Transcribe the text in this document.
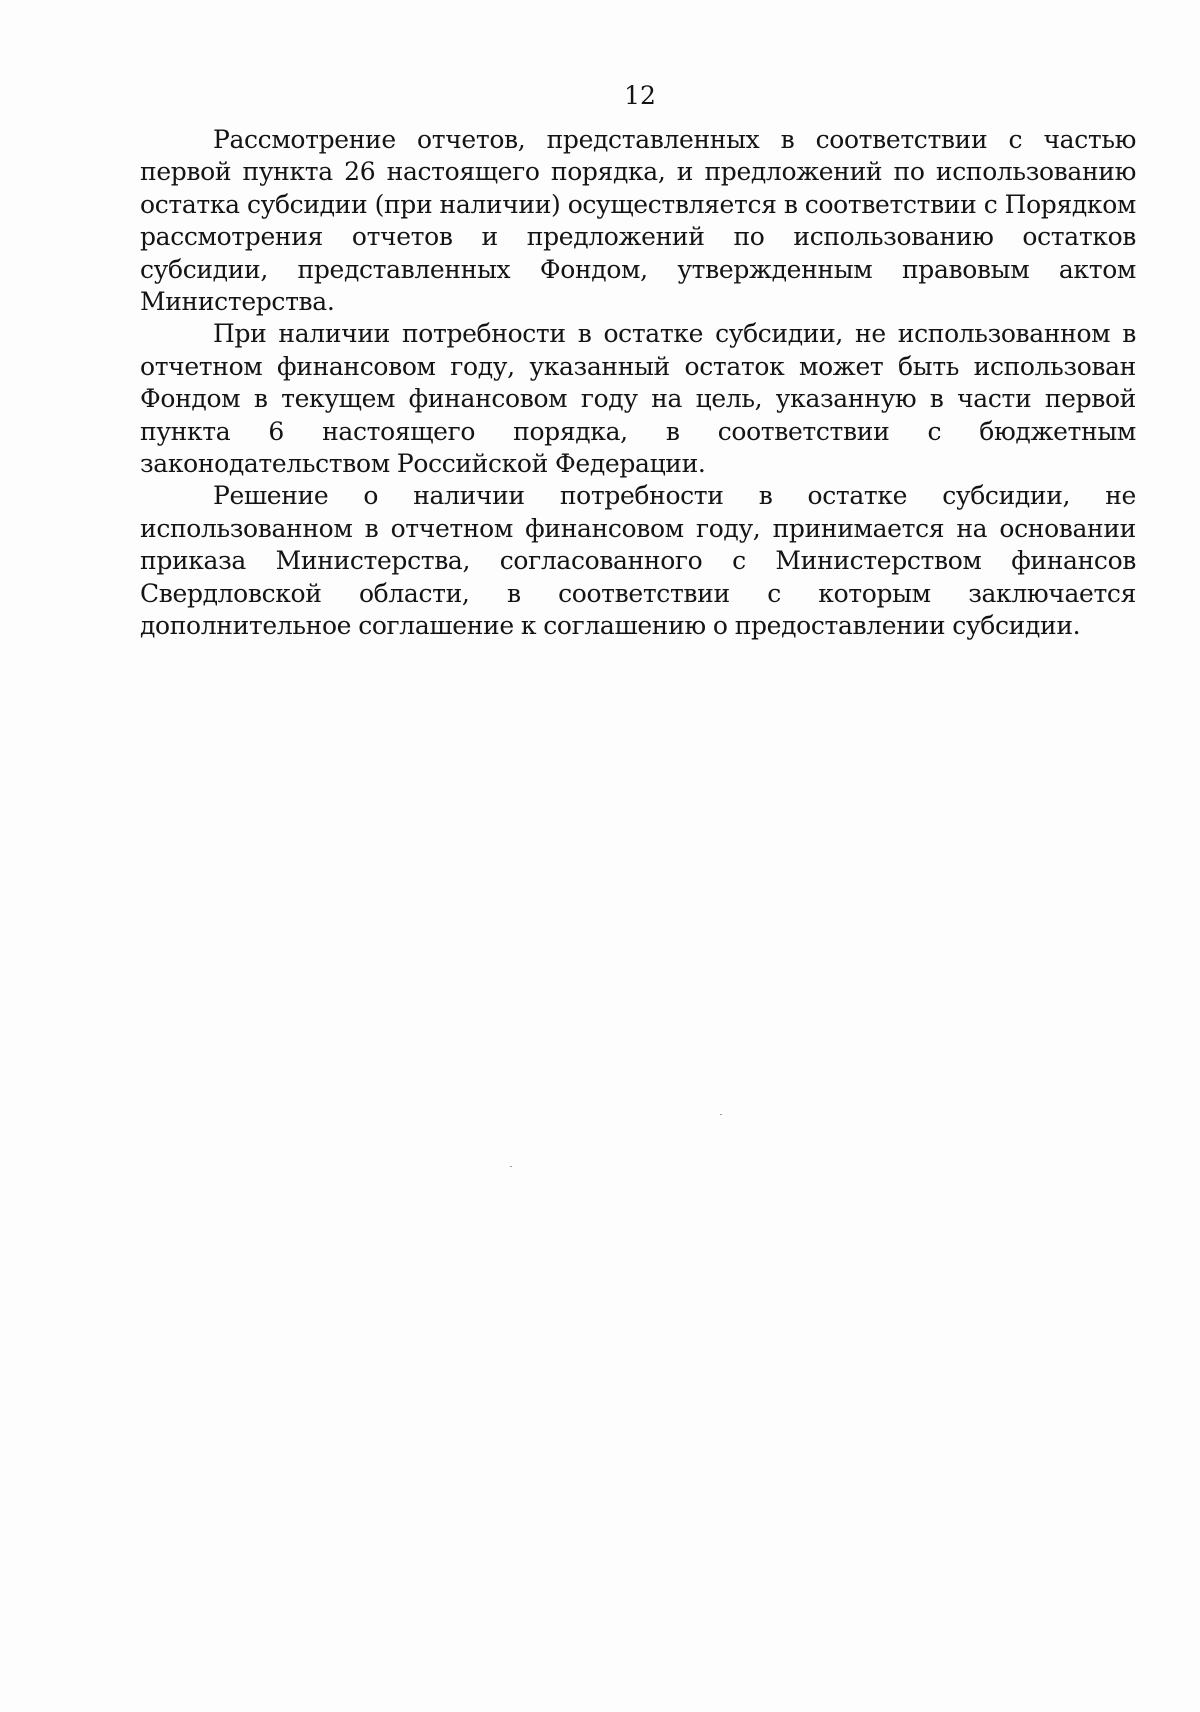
12

Рассмотрение отчетов, представленных в соответствии с частью первой пункта 26 настоящего порядка, и предложений по использованию остатка субсидии (при наличии) осуществляется в соответствии с Порядком рассмотрения отчетов и предложений по использованию остатков субсидии, представленных Фондом, утвержденным правовым актом Министерства.

При наличии потребности в остатке субсидии, не использованном в отчетном финансовом году, указанный остаток может быть использован Фондом в текущем финансовом году на цель, указанную в части первой пункта 6 настоящего порядка, в соответствии с бюджетным законодательством Российской Федерации.

Решение о наличии потребности в остатке субсидии, не использованном в отчетном финансовом году, принимается на основании приказа Министерства, согласованного с Министерством финансов Свердловской области, в соответствии с которым заключается дополнительное соглашение к соглашению о предоставлении субсидии.
